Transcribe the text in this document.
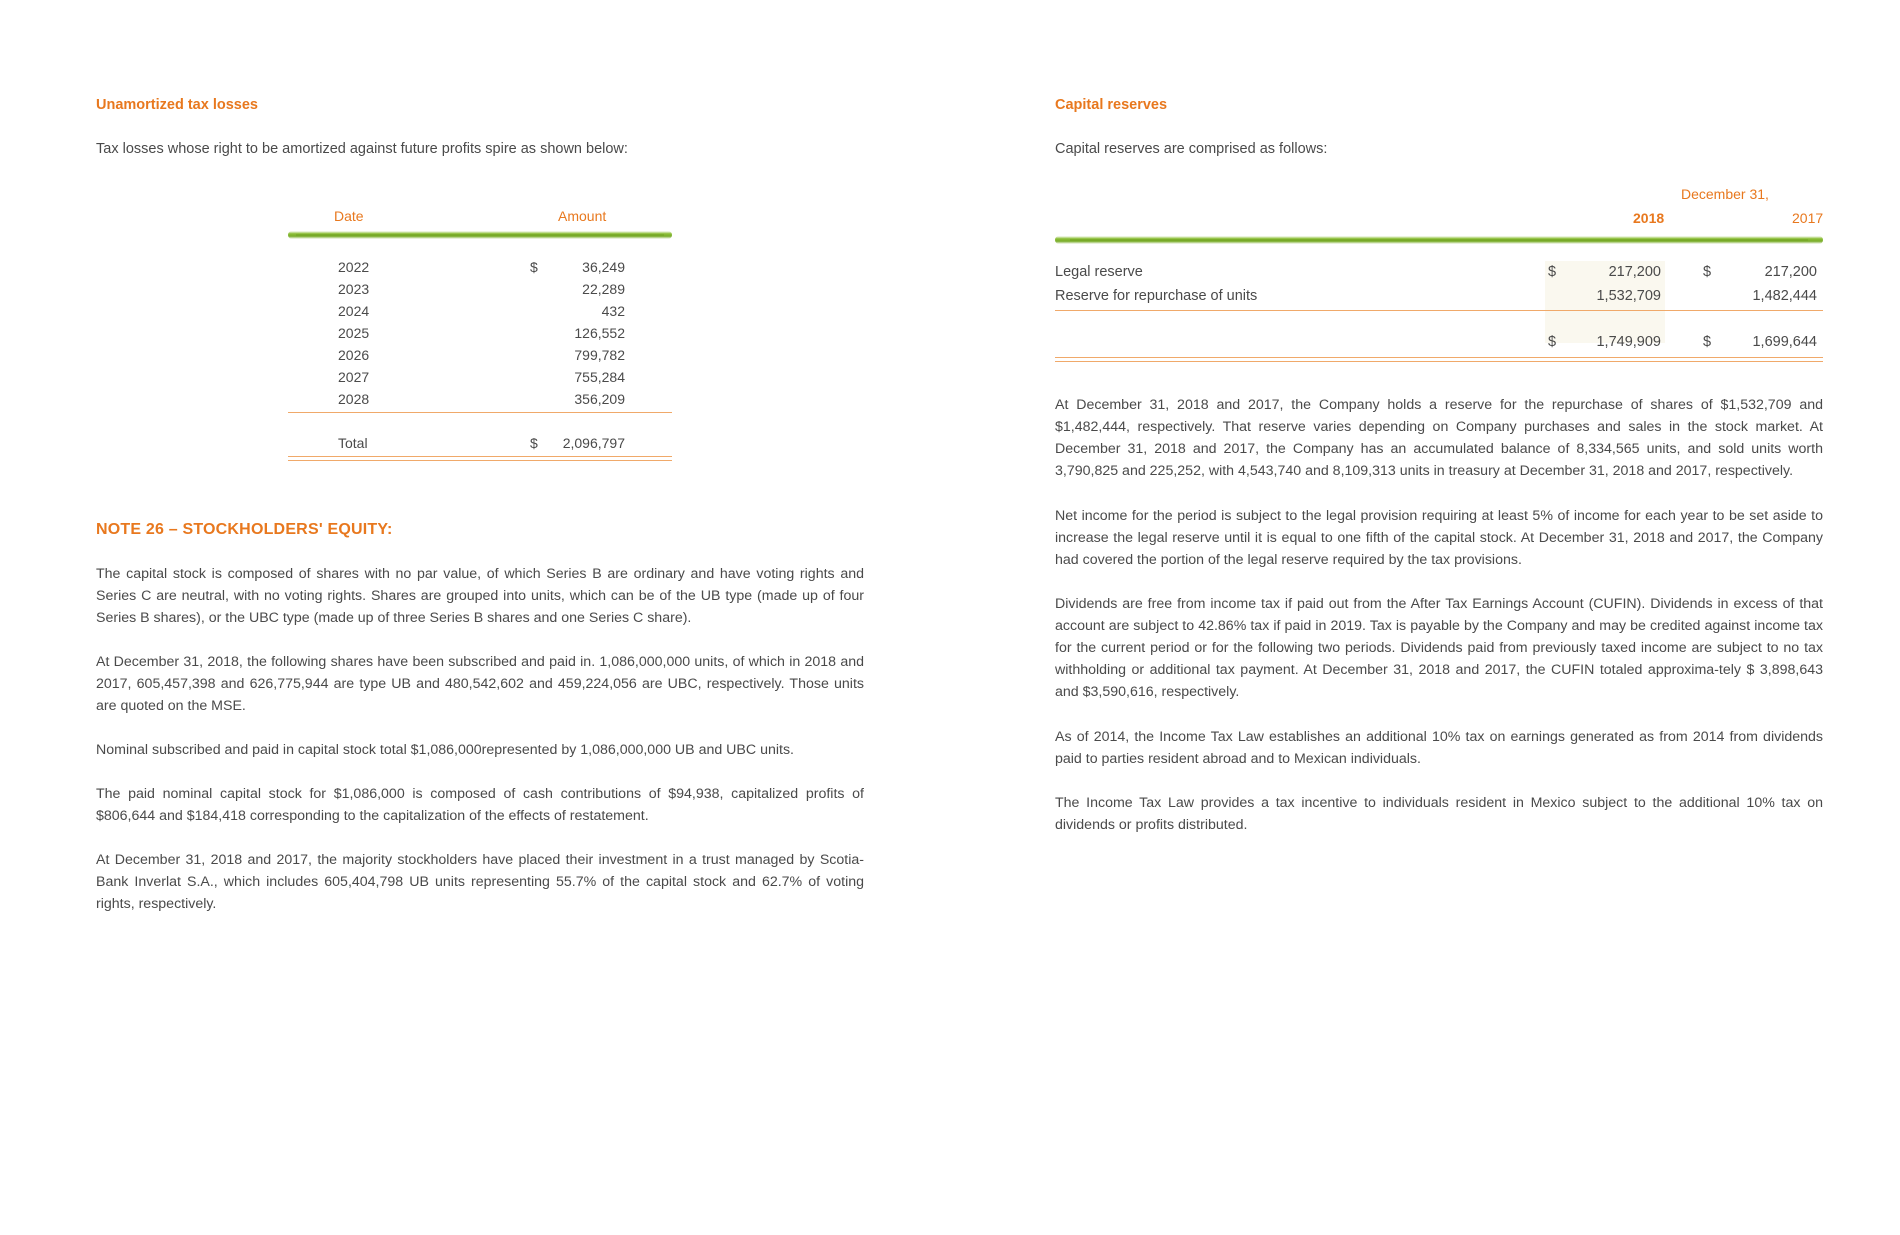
Unamortized tax losses
Tax losses whose right to be amortized against future profits spire as shown below:
Date	Amount
2022	$	36,249
2023	22,289
2024	432
2025	126,552
2026	799,782
2027	755,284
2028	356,209
Total	$ 2,096,797
NOTE 26 – STOCKHOLDERS' EQUITY:

The capital stock is composed of shares with no par value, of which Series B are ordinary and have voting rights and Series C are neutral, with no voting rights. Shares are grouped into units, which can be of the UB type (made up of four Series B shares), or the UBC type (made up of three Series B shares and one Series C share).

At December 31, 2018, the following shares have been subscribed and paid in. 1,086,000,000 units, of which in 2018 and 2017, 605,457,398 and 626,775,944 are type UB and 480,542,602 and 459,224,056 are UBC, respectively. Those units are quoted on the MSE.

Nominal subscribed and paid in capital stock total $1,086,000represented by 1,086,000,000 UB and UBC units.

The paid nominal capital stock for $1,086,000 is composed of cash contributions of $94,938, capitalized profits of $806,644 and $184,418 corresponding to the capitalization of the effects of restatement.

At December 31, 2018 and 2017, the majority stockholders have placed their investment in a trust managed by Scotia-Bank Inverlat S.A., which includes 605,404,798 UB units representing 55.7% of the capital stock and 62.7% of voting rights, respectively.

Capital reserves
Capital reserves are comprised as follows:
December 31,
2018	2017
Legal reserve	$	217,200	$	217,200
Reserve for repurchase of units	1,532,709	1,482,444
$	1,749,909	$	1,699,644

At December 31, 2018 and 2017, the Company holds a reserve for the repurchase of shares of $1,532,709 and $1,482,444, respectively. That reserve varies depending on Company purchases and sales in the stock market. At December 31, 2018 and 2017, the Company has an accumulated balance of 8,334,565 units, and sold units worth 3,790,825 and 225,252, with 4,543,740 and 8,109,313 units in treasury at December 31, 2018 and 2017, respectively.

Net income for the period is subject to the legal provision requiring at least 5% of income for each year to be set aside to increase the legal reserve until it is equal to one fifth of the capital stock. At December 31, 2018 and 2017, the Company had covered the portion of the legal reserve required by the tax provisions.

Dividends are free from income tax if paid out from the After Tax Earnings Account (CUFIN). Dividends in excess of that account are subject to 42.86% tax if paid in 2019. Tax is payable by the Company and may be credited against income tax for the current period or for the following two periods. Dividends paid from previously taxed income are subject to no tax withholding or additional tax payment. At December 31, 2018 and 2017, the CUFIN totaled approxima-tely $ 3,898,643 and $3,590,616, respectively.

As of 2014, the Income Tax Law establishes an additional 10% tax on earnings generated as from 2014 from dividends paid to parties resident abroad and to Mexican individuals.

The Income Tax Law provides a tax incentive to individuals resident in Mexico subject to the additional 10% tax on dividends or profits distributed.
